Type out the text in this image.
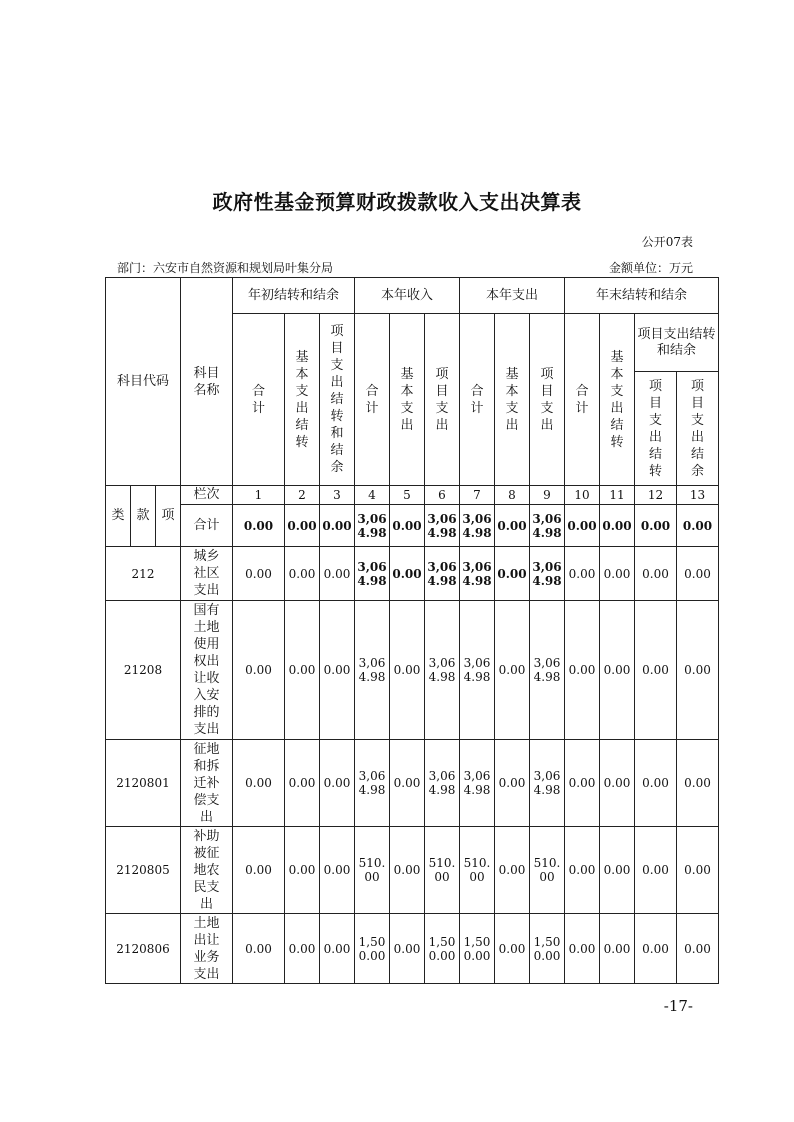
政府性基金预算财政拨款收入支出决算表
公开07表
部门：六安市自然资源和规划局叶集分局	金额单位：万元
科目代码			科目名称	年初结转和结余			本年收入			本年支出			年末结转和结余			
				合计	基本支出结转	项目支出结转和结余	合计	基本支出	项目支出	合计	基本支出	项目支出	合计	基本支出结转	项目支出结转和结余	
															项目支出结转	项目支出结余
类	款	项	栏次	1	2	3	4	5	6	7	8	9	10	11	12	13
			合计	0.00	0.00	0.00	3,064.98	0.00	3,064.98	3,064.98	0.00	3,064.98	0.00	0.00	0.00	0.00
212			城乡社区支出	0.00	0.00	0.00	3,064.98	0.00	3,064.98	3,064.98	0.00	3,064.98	0.00	0.00	0.00	0.00
21208			国有土地使用权出让收入安排的支出	0.00	0.00	0.00	3,064.98	0.00	3,064.98	3,064.98	0.00	3,064.98	0.00	0.00	0.00	0.00
2120801			征地和拆迁补偿支出	0.00	0.00	0.00	3,064.98	0.00	3,064.98	3,064.98	0.00	3,064.98	0.00	0.00	0.00	0.00
2120805			补助被征地农民支出	0.00	0.00	0.00	510.00	0.00	510.00	510.00	0.00	510.00	0.00	0.00	0.00	0.00
2120806			土地出让业务支出	0.00	0.00	0.00	1,500.00	0.00	1,500.00	1,500.00	0.00	1,500.00	0.00	0.00	0.00	0.00
-17-
